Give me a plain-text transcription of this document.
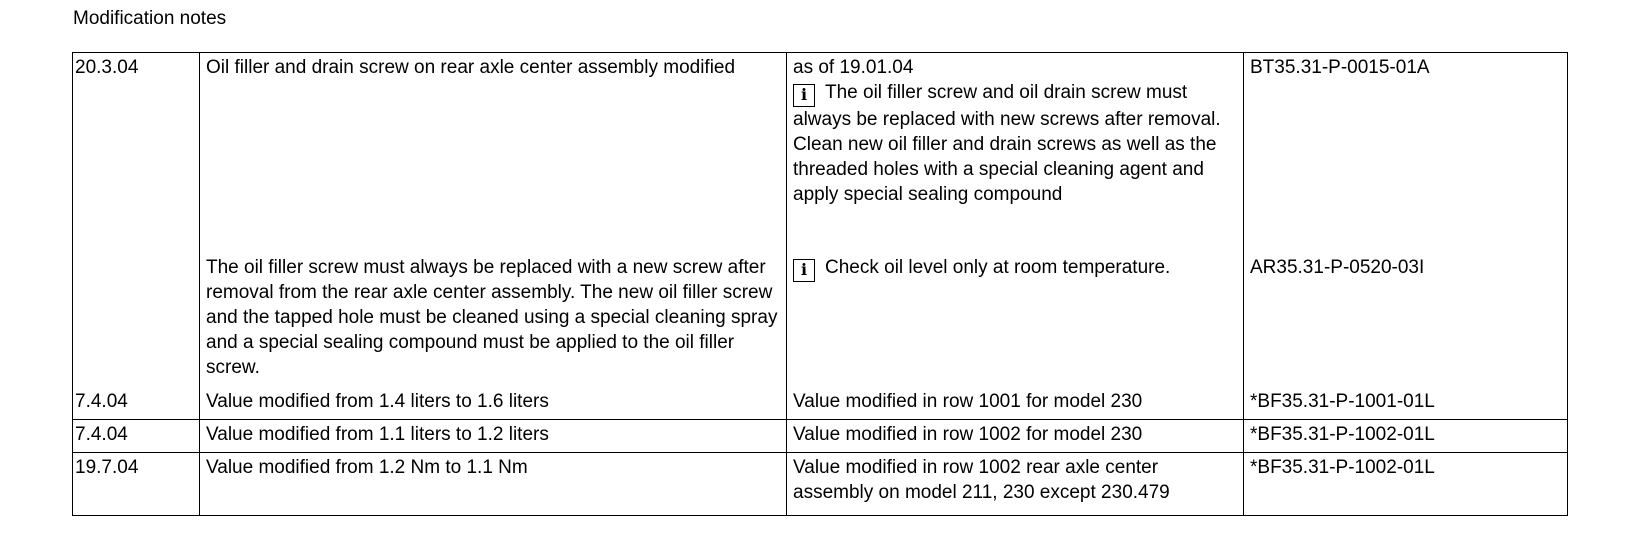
Modification notes
20.3.04	Oil filler and drain screw on rear axle center assembly modified	as of 19.01.04
i The oil filler screw and oil drain screw must always be replaced with new screws after removal.
Clean new oil filler and drain screws as well as the threaded holes with a special cleaning agent and apply special sealing compound	BT35.31-P-0015-01A
	The oil filler screw must always be replaced with a new screw after removal from the rear axle center assembly. The new oil filler screw and the tapped hole must be cleaned using a special cleaning spray and a special sealing compound must be applied to the oil filler screw.	i Check oil level only at room temperature.	AR35.31-P-0520-03I
7.4.04	Value modified from 1.4 liters to 1.6 liters	Value modified in row 1001 for model 230	*BF35.31-P-1001-01L
7.4.04	Value modified from 1.1 liters to 1.2 liters	Value modified in row 1002 for model 230	*BF35.31-P-1002-01L
19.7.04	Value modified from 1.2 Nm to 1.1 Nm	Value modified in row 1002 rear axle center assembly on model 211, 230 except 230.479	*BF35.31-P-1002-01L
